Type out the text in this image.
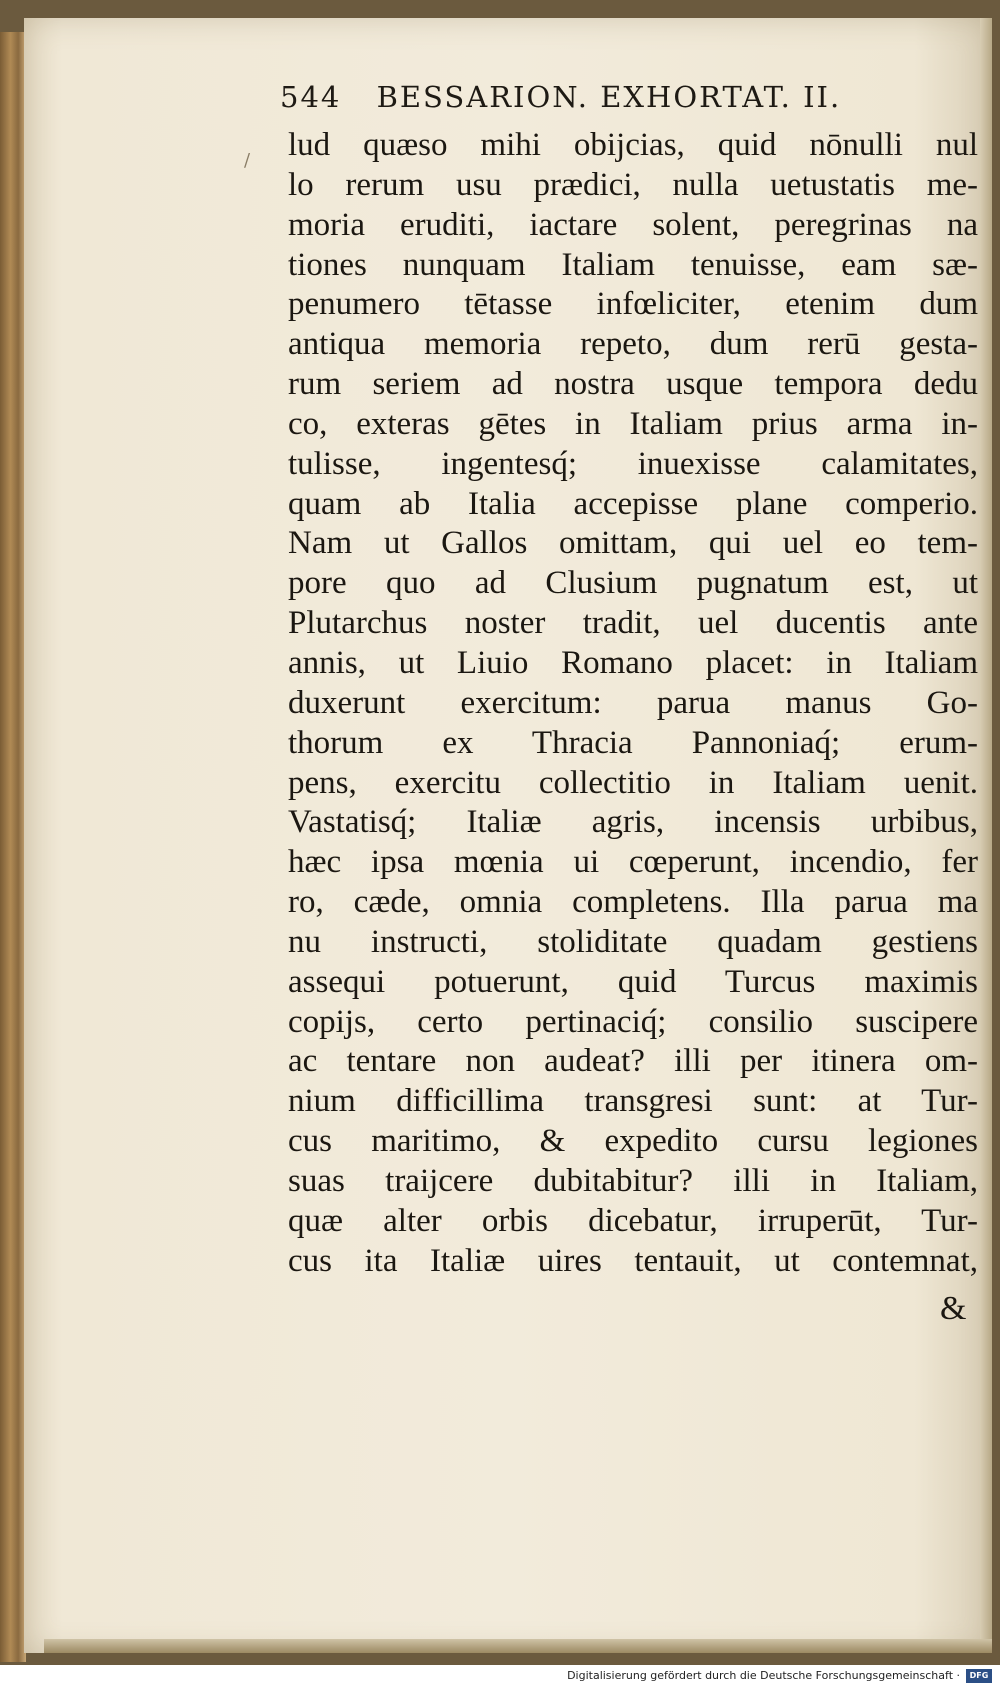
/
544 BESSARION. EXHORTAT. II.
lud quæso mihi obijcias, quid nōnulli nul
lo rerum usu prædici, nulla uetustatis me-
moria eruditi, iactare solent, peregrinas na
tiones nunquam Italiam tenuisse, eam sæ-
penumero tētasse infœliciter, etenim dum
antiqua memoria repeto, dum rerū gesta-
rum seriem ad nostra usque tempora dedu
co, exteras gētes in Italiam prius arma in-
tulisse, ingentesq́; inuexisse calamitates,
quam ab Italia accepisse plane comperio.
Nam ut Gallos omittam, qui uel eo tem-
pore quo ad Clusium pugnatum est, ut
Plutarchus noster tradit, uel ducentis ante
annis, ut Liuio Romano placet: in Italiam
duxerunt exercitum: parua manus Go-
thorum ex Thracia Pannoniaq́; erum-
pens, exercitu collectitio in Italiam uenit.
Vastatisq́; Italiæ agris, incensis urbibus,
hæc ipsa mœnia ui cœperunt, incendio, fer
ro, cæde, omnia completens. Illa parua ma
nu instructi, stoliditate quadam gestiens
assequi potuerunt, quid Turcus maximis
copijs, certo pertinaciq́; consilio suscipere
ac tentare non audeat? illi per itinera om-
nium difficillima transgresi sunt: at Tur-
cus maritimo, & expedito cursu legiones
suas traijcere dubitabitur? illi in Italiam,
quæ alter orbis dicebatur, irruperūt, Tur-
cus ita Italiæ uires tentauit, ut contemnat,
&
Digitalisierung gefördert durch die Deutsche Forschungsgemeinschaft ·	DFG
